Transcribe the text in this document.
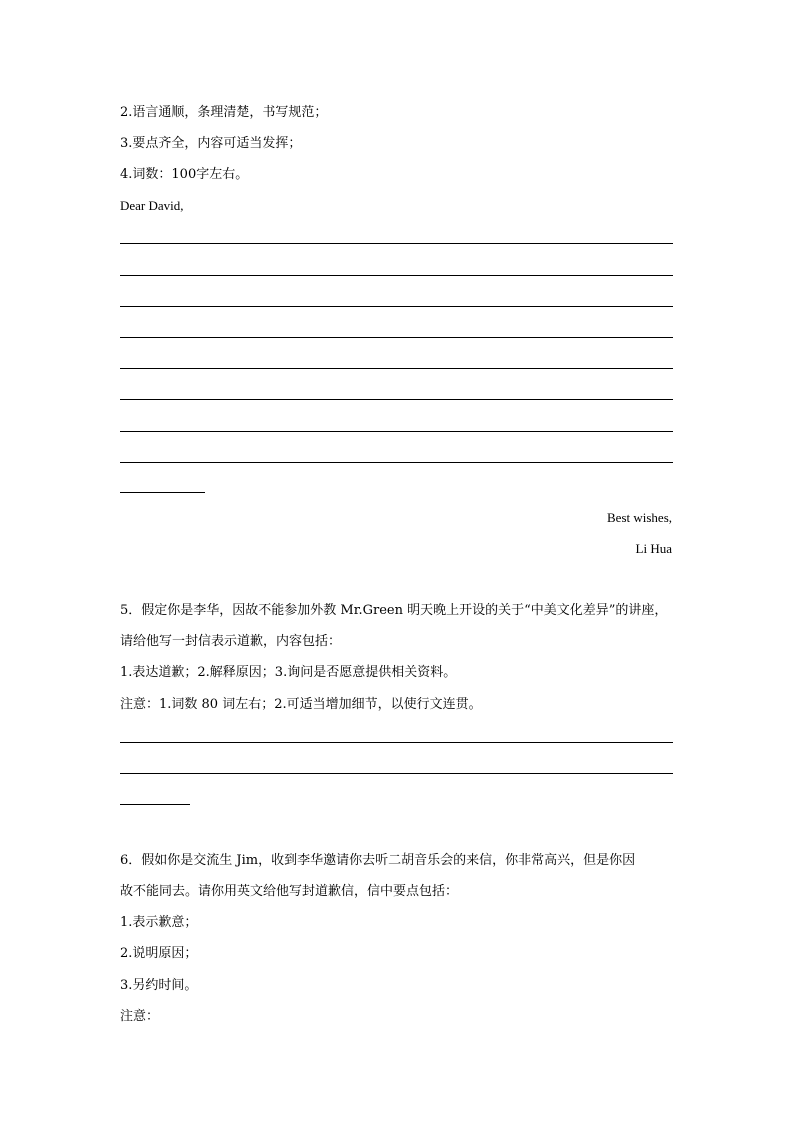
2.语言通顺，条理清楚，书写规范；
3.要点齐全，内容可适当发挥；
4.词数：100字左右。
Dear David,
Best wishes,
Li Hua
5．假定你是李华，因故不能参加外教 Mr.Green 明天晚上开设的关于“中美文化差异”的讲座，
请给他写一封信表示道歉，内容包括：
1.表达道歉；2.解释原因；3.询问是否愿意提供相关资料。
注意：1.词数 80 词左右；2.可适当增加细节，以使行文连贯。
6．假如你是交流生 Jim，收到李华邀请你去听二胡音乐会的来信，你非常高兴，但是你因
故不能同去。请你用英文给他写封道歉信，信中要点包括：
1.表示歉意；
2.说明原因；
3.另约时间。
注意：
